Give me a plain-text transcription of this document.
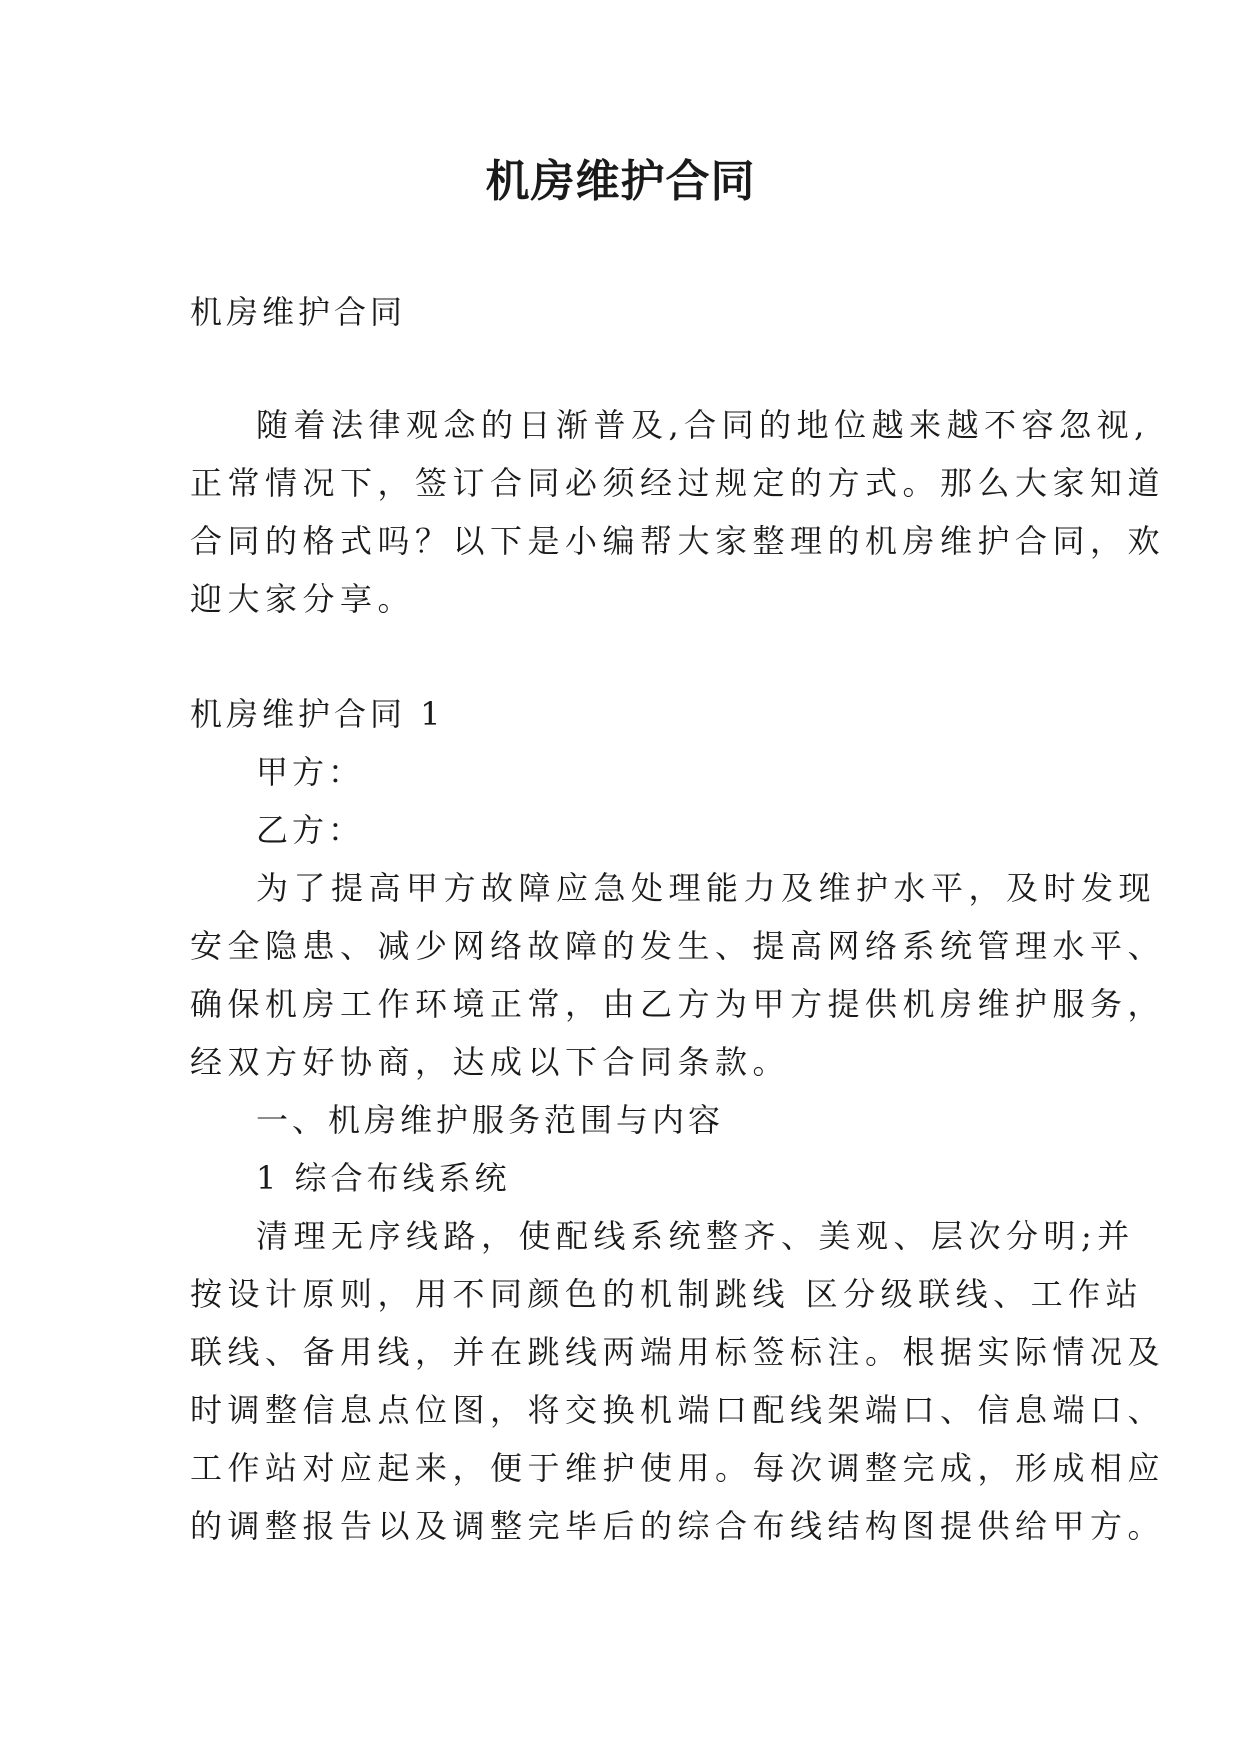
机房维护合同
机房维护合同
随着法律观念的日渐普及,合同的地位越来越不容忽视,
正常情况下，签订合同必须经过规定的方式。那么大家知道
合同的格式吗？以下是小编帮大家整理的机房维护合同，欢
迎大家分享。
机房维护合同 1
甲方：
乙方：
为了提高甲方故障应急处理能力及维护水平，及时发现
安全隐患、减少网络故障的发生、提高网络系统管理水平、
确保机房工作环境正常，由乙方为甲方提供机房维护服务，
经双方好协商，达成以下合同条款。
一、机房维护服务范围与内容
1 综合布线系统
清理无序线路，使配线系统整齐、美观、层次分明;并
按设计原则，用不同颜色的机制跳线 区分级联线、工作站
联线、备用线，并在跳线两端用标签标注。根据实际情况及
时调整信息点位图，将交换机端口配线架端口、信息端口、
工作站对应起来，便于维护使用。每次调整完成，形成相应
的调整报告以及调整完毕后的综合布线结构图提供给甲方。
